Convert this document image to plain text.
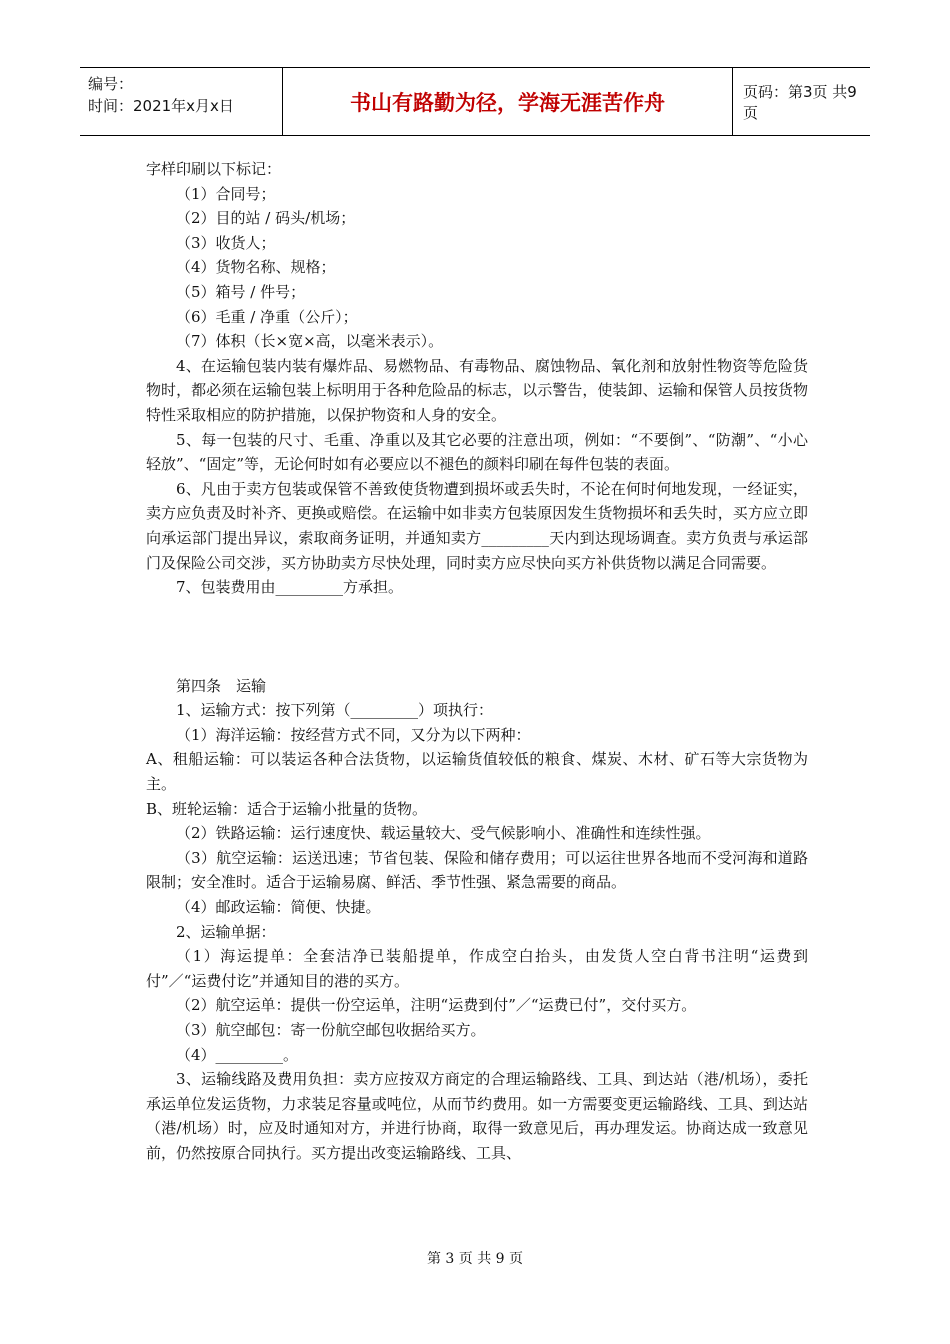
编号：
时间：2021年x月x日	书山有路勤为径，学海无涯苦作舟	页码：第3页 共9页

字样印刷以下标记：

（1）合同号；

（2）目的站 / 码头/机场；

（3）收货人；

（4）货物名称、规格；

（5）箱号 / 件号；

（6）毛重 / 净重（公斤）；

（7）体积（长×宽×高，以毫米表示）。

4、在运输包装内装有爆炸品、易燃物品、有毒物品、腐蚀物品、氧化剂和放射性物资等危险货物时，都必须在运输包装上标明用于各种危险品的标志，以示警告，使装卸、运输和保管人员按货物特性采取相应的防护措施，以保护物资和人身的安全。

5、每一包装的尺寸、毛重、净重以及其它必要的注意出项，例如：“不要倒”、“防潮”、“小心轻放”、“固定”等，无论何时如有必要应以不褪色的颜料印刷在每件包装的表面。

6、凡由于卖方包装或保管不善致使货物遭到损坏或丢失时，不论在何时何地发现，一经证实，卖方应负责及时补齐、更换或赔偿。在运输中如非卖方包装原因发生货物损坏和丢失时，买方应立即向承运部门提出异议，索取商务证明，并通知卖方_________天内到达现场调查。卖方负责与承运部门及保险公司交涉，买方协助卖方尽快处理，同时卖方应尽快向买方补供货物以满足合同需要。

7、包装费用由_________方承担。

第四条　运输

1、运输方式：按下列第（_________）项执行：

（1）海洋运输：按经营方式不同，又分为以下两种：

A、租船运输：可以装运各种合法货物，以运输货值较低的粮食、煤炭、木材、矿石等大宗货物为主。

B、班轮运输：适合于运输小批量的货物。

（2）铁路运输：运行速度快、载运量较大、受气候影响小、准确性和连续性强。

（3）航空运输：运送迅速；节省包装、保险和储存费用；可以运往世界各地而不受河海和道路限制；安全准时。适合于运输易腐、鲜活、季节性强、紧急需要的商品。

（4）邮政运输：简便、快捷。

2、运输单据：

（1）海运提单：全套洁净已装船提单，作成空白抬头，由发货人空白背书注明“运费到付”／“运费付讫”并通知目的港的买方。

（2）航空运单：提供一份空运单，注明“运费到付”／“运费已付”，交付买方。

（3）航空邮包：寄一份航空邮包收据给买方。

（4）_________。

3、运输线路及费用负担：卖方应按双方商定的合理运输路线、工具、到达站（港/机场），委托承运单位发运货物，力求装足容量或吨位，从而节约费用。如一方需要变更运输路线、工具、到达站（港/机场）时，应及时通知对方，并进行协商，取得一致意见后，再办理发运。协商达成一致意见前，仍然按原合同执行。买方提出改变运输路线、工具、

第 3 页 共 9 页
